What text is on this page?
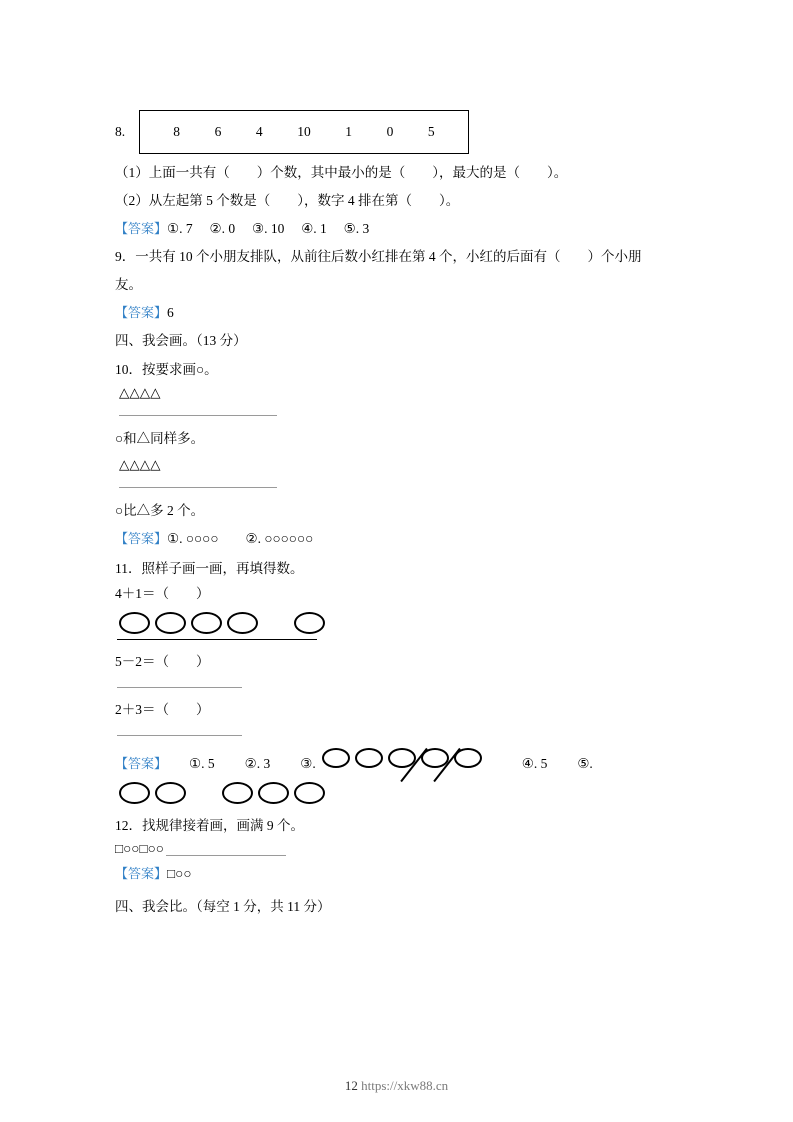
8.	8	6	4	10	1	0	5

（1）上面一共有（        ）个数，其中最小的是（        ），最大的是（        ）。

（2）从左起第 5 个数是（        ），数字 4 排在第（        ）。

【答案】 ①. 7     ②. 0     ③. 10     ④. 1     ⑤. 3

9．一共有 10 个小朋友排队，从前往后数小红排在第 4 个，小红的后面有（        ）个小朋

友。

【答案】 6

四、我会画。（13 分）

10． 按要求画○。

△△△△

○和△同样多。

△△△△

○比△多 2 个。

【答案】 ①. ○○○○        ②. ○○○○○○
11． 照样子画一画，再填得数。

4＋1＝（        ）

5－2＝（        ）

2＋3＝（        ）

【答案】	①. 5	②. 3	③.	④. 5	⑤.
12． 找规律接着画，画满 9 个。
□○○□○○
【答案】 □○○

四、我会比。（每空 1 分，共 11 分）

12 https://xkw88.cn
